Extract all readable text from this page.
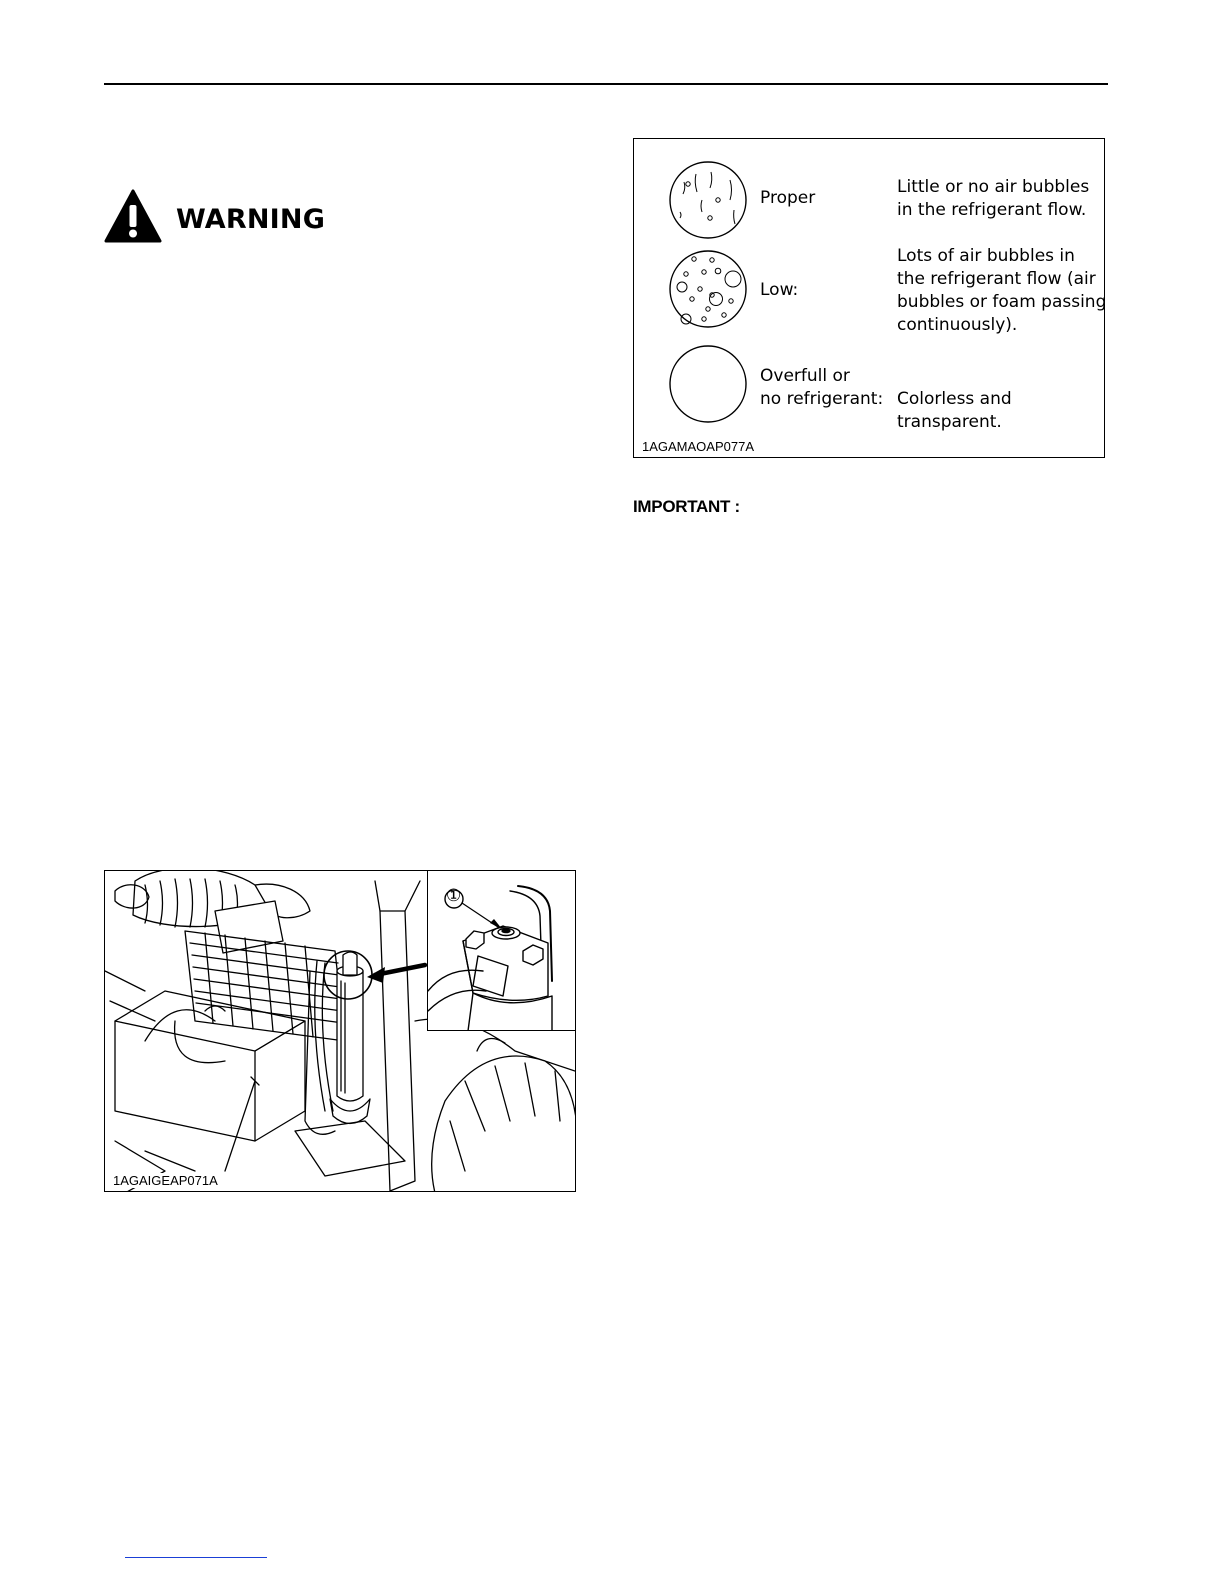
WARNING
Proper
Little or no air bubbles in the refrigerant flow.
Low:
Lots of air bubbles in the refrigerant flow (air bubbles or foam passing continuously).
Overfull or
no refrigerant: Colorless and transparent.
1AGAMAOAP077A
IMPORTANT :
①
1AGAIGEAP071A
